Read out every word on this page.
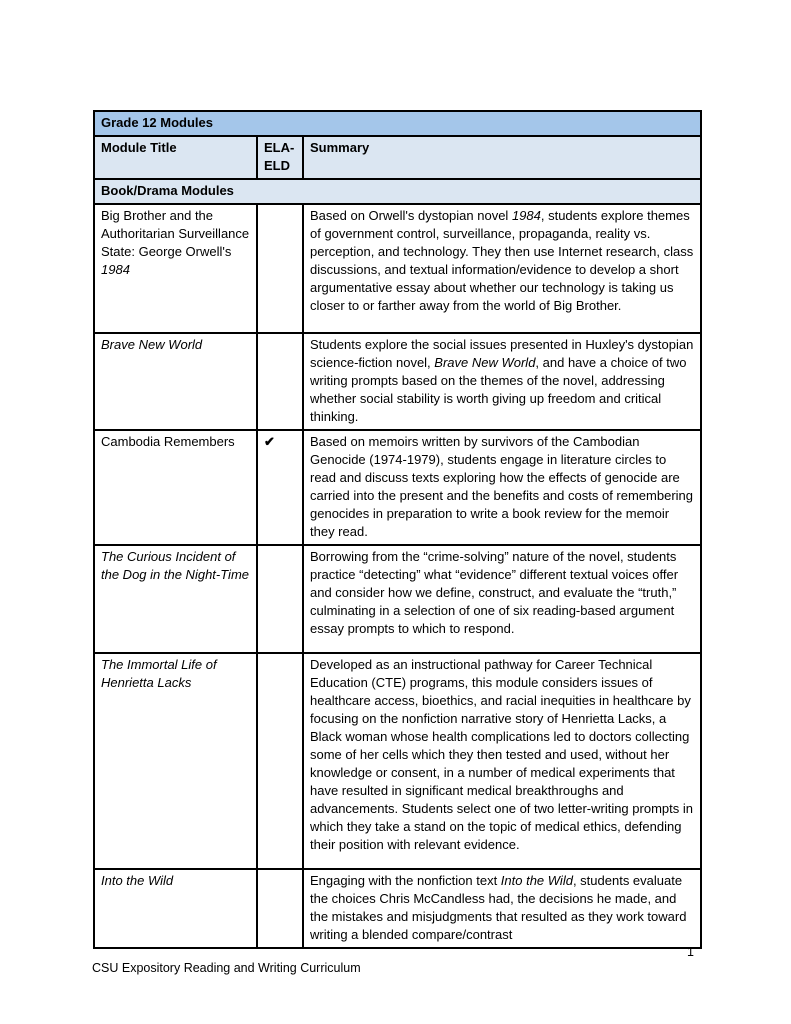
Grade 12 Modules		
Module Title	ELA-ELD	Summary
Book/Drama Modules		
Big Brother and the Authoritarian Surveillance State: George Orwell's 1984		Based on Orwell's dystopian novel 1984, students explore themes of government control, surveillance, propaganda, reality vs. perception, and technology. They then use Internet research, class discussions, and textual information/evidence to develop a short argumentative essay about whether our technology is taking us closer to or farther away from the world of Big Brother.
Brave New World		Students explore the social issues presented in Huxley's dystopian science-fiction novel, Brave New World, and have a choice of two writing prompts based on the themes of the novel, addressing whether social stability is worth giving up freedom and critical thinking.
Cambodia Remembers	✔	Based on memoirs written by survivors of the Cambodian Genocide (1974-1979), students engage in literature circles to read and discuss texts exploring how the effects of genocide are carried into the present and the benefits and costs of remembering genocides in preparation to write a book review for the memoir they read.
The Curious Incident of the Dog in the Night-Time		Borrowing from the “crime-solving” nature of the novel, students practice “detecting” what “evidence” different textual voices offer and consider how we define, construct, and evaluate the “truth,” culminating in a selection of one of six reading-based argument essay prompts to which to respond.
The Immortal Life of Henrietta Lacks		Developed as an instructional pathway for Career Technical Education (CTE) programs, this module considers issues of healthcare access, bioethics, and racial inequities in healthcare by focusing on the nonfiction narrative story of Henrietta Lacks, a Black woman whose health complications led to doctors collecting some of her cells which they then tested and used, without her knowledge or consent, in a number of medical experiments that have resulted in significant medical breakthroughs and advancements. Students select one of two letter-writing prompts in which they take a stand on the topic of medical ethics, defending their position with relevant evidence.
Into the Wild		Engaging with the nonfiction text Into the Wild, students evaluate the choices Chris McCandless had, the decisions he made, and the mistakes and misjudgments that resulted as they work toward writing a blended compare/contrast
CSU Expository Reading and Writing Curriculum
1
